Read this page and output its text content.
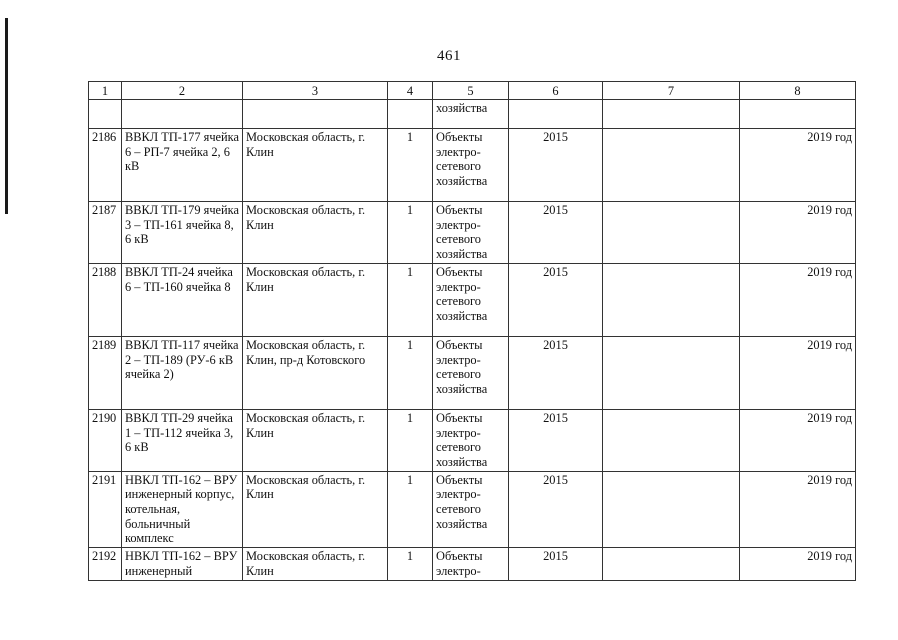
461
1	2	3	4	5	6	7	8
				хозяйства			
2186	ВВКЛ ТП-177 ячейка 6 – РП-7 ячейка 2, 6 кВ	Московская область, г. Клин	1	Объекты электро-сетевого хозяйства	2015		2019 год
2187	ВВКЛ ТП-179 ячейка 3 – ТП-161 ячейка 8, 6 кВ	Московская область, г. Клин	1	Объекты электро-сетевого хозяйства	2015		2019 год
2188	ВВКЛ ТП-24 ячейка 6 – ТП-160 ячейка 8	Московская область, г. Клин	1	Объекты электро-сетевого хозяйства	2015		2019 год
2189	ВВКЛ ТП-117 ячейка 2 – ТП-189 (РУ-6 кВ ячейка 2)	Московская область, г. Клин, пр-д Котовского	1	Объекты электро-сетевого хозяйства	2015		2019 год
2190	ВВКЛ ТП-29 ячейка 1 – ТП-112 ячейка 3, 6 кВ	Московская область, г. Клин	1	Объекты электро-сетевого хозяйства	2015		2019 год
2191	НВКЛ ТП-162 – ВРУ инженерный корпус, котельная, больничный комплекс	Московская область, г. Клин	1	Объекты электро-сетевого хозяйства	2015		2019 год
2192	НВКЛ ТП-162 – ВРУ инженерный	Московская область, г. Клин	1	Объекты электро-	2015		2019 год
